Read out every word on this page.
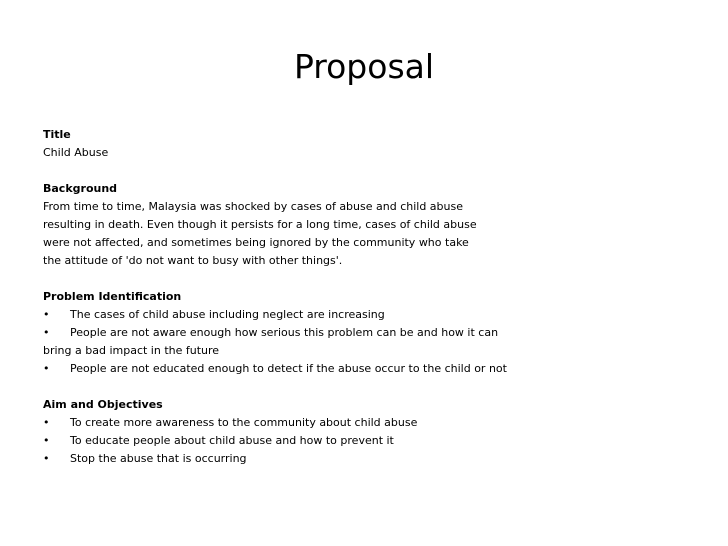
Proposal
Title
Child Abuse
Background
From time to time, Malaysia was shocked by cases of abuse and child abuse
resulting in death. Even though it persists for a long time, cases of child abuse
were not affected, and sometimes being ignored by the community who take
the attitude of 'do not want to busy with other things'.
Problem Identification
•	The cases of child abuse including neglect are increasing
•	People are not aware enough how serious this problem can be and how it can
bring a bad impact in the future
•	People are not educated enough to detect if the abuse occur to the child or not
Aim and Objectives
•	To create more awareness to the community about child abuse
•	To educate people about child abuse and how to prevent it
•	Stop the abuse that is occurring
